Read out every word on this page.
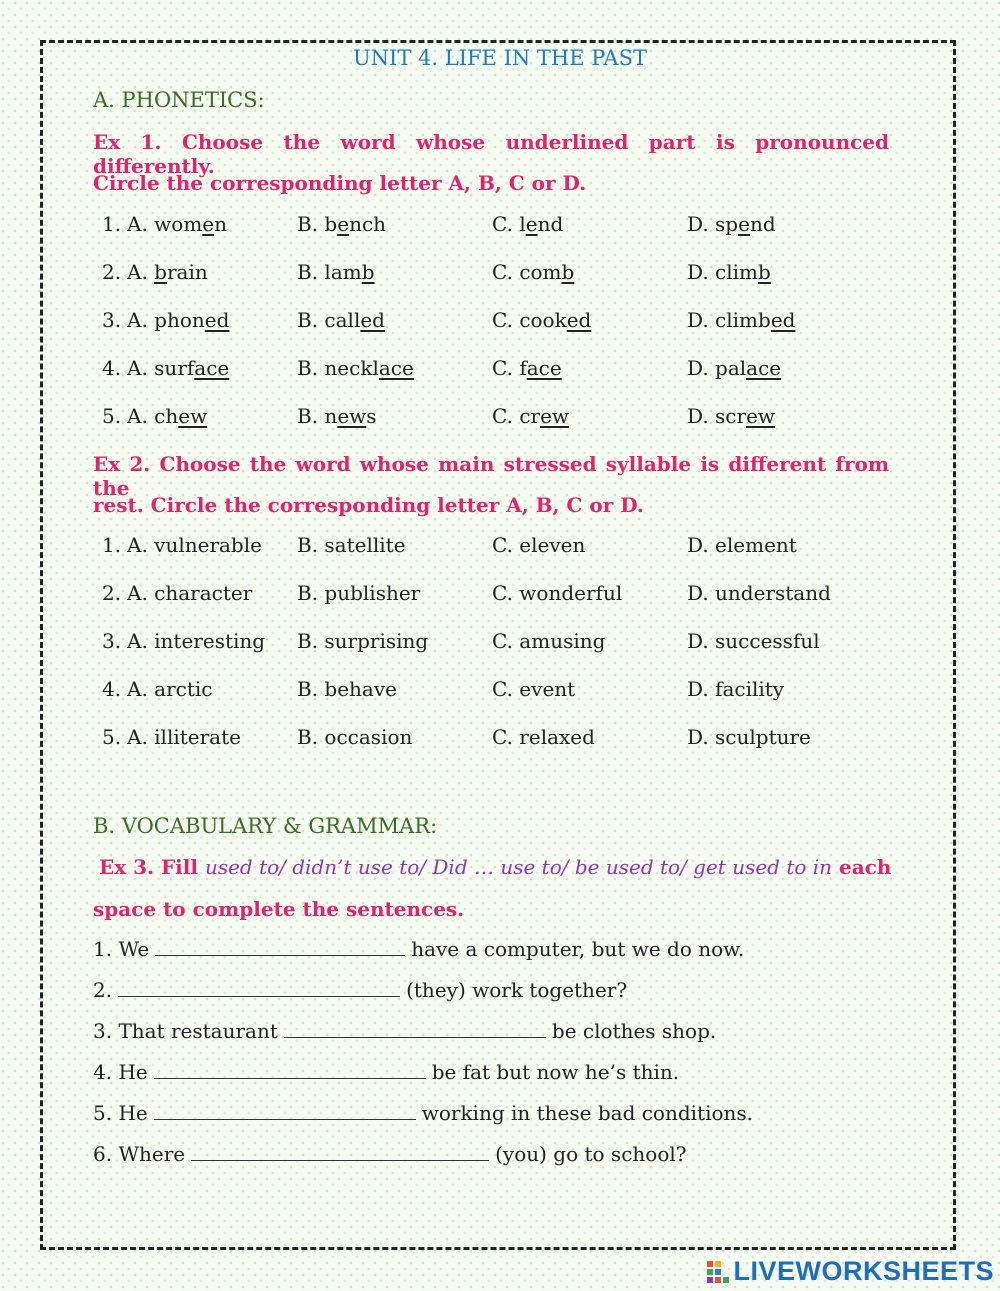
UNIT 4. LIFE IN THE PAST
A. PHONETICS:
Ex 1. Choose the word whose underlined part is pronounced differently.
Circle the corresponding letter A, B, C or D.
1. A. women	B. bench	C. lend	D. spend
2. A. brain	B. lamb	C. comb	D. climb
3. A. phoned	B. called	C. cooked	D. climbed
4. A. surface	B. necklace	C. face	D. palace
5. A. chew	B. news	C. crew	D. screw
Ex 2. Choose the word whose main stressed syllable is different from the
rest. Circle the corresponding letter A, B, C or D.
1. A. vulnerable B. satellite	C. eleven	D. element
2. A. character B. publisher	C. wonderful	D. understand
3. A. interesting B. surprising	C. amusing	D. successful
4. A. arctic	B. behave	C. event	D. facility
5. A. illiterate	B. occasion	C. relaxed	D. sculpture
B. VOCABULARY & GRAMMAR:
Ex 3. Fill used to/ didn’t use to/ Did … use to/ be used to/ get used to in each
space to complete the sentences.
1. We	have a computer, but we do now.
2.	(they) work together?
3. That restaurant	be clothes shop.
4. He	be fat but now he’s thin.
5. He	working in these bad conditions.
6. Where	(you) go to school?
LIVEWORKSHEETS
